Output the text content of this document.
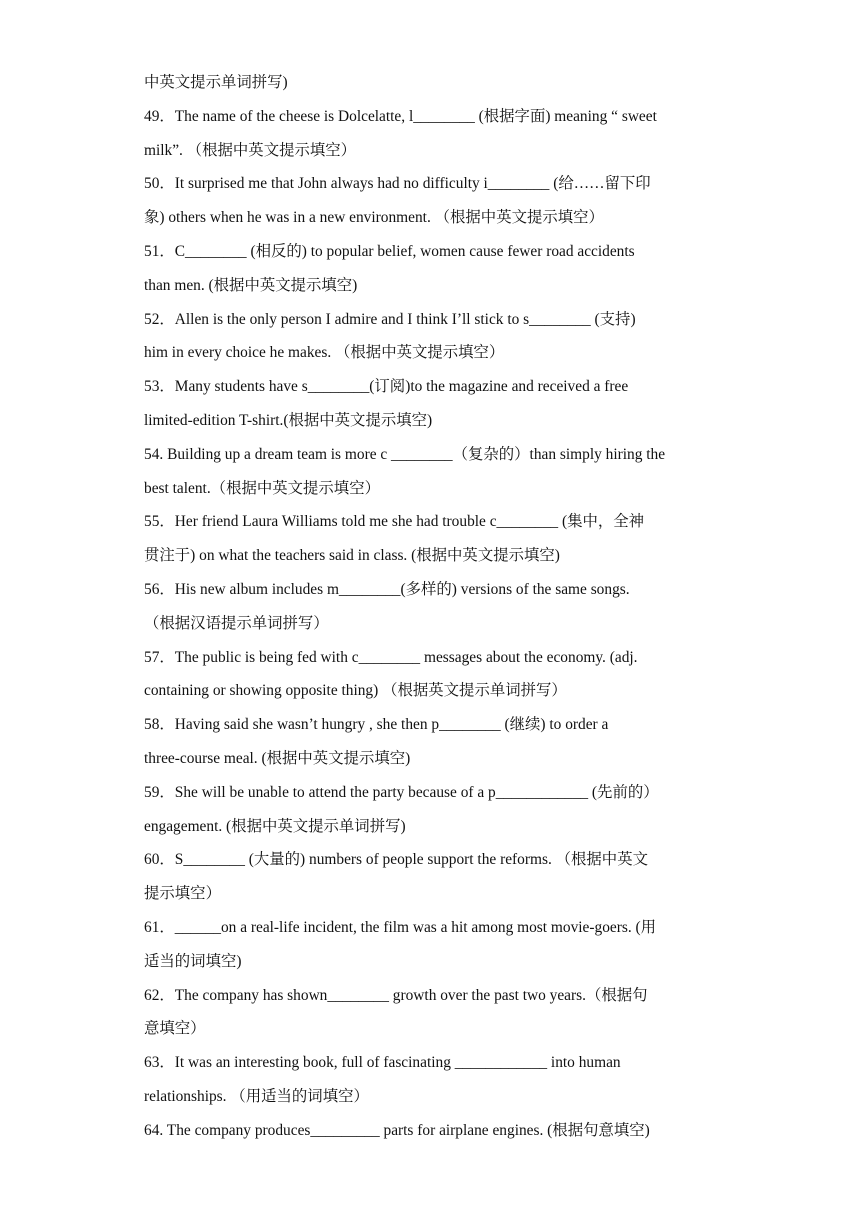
中英文提示单词拼写)
49．The name of the cheese is Dolcelatte, l________ (根据字面) meaning “ sweet
milk”. （根据中英文提示填空）
50．It surprised me that John always had no difficulty i________ (给……留下印
象) others when he was in a new environment. （根据中英文提示填空）
51．C________ (相反的) to popular belief, women cause fewer road accidents
than men. (根据中英文提示填空)
52．Allen is the only person I admire and I think I’ll stick to s________ (支持)
him in every choice he makes. （根据中英文提示填空）
53．Many students have s________(订阅)to the magazine and received a free
limited-edition T-shirt.(根据中英文提示填空)
54. Building up a dream team is more c ________（复杂的）than simply hiring the
best talent.（根据中英文提示填空）
55．Her friend Laura Williams told me she had trouble c________ (集中，全神
贯注于) on what the teachers said in class. (根据中英文提示填空)
56．His new album includes m________(多样的) versions of the same songs.
（根据汉语提示单词拼写）
57．The public is being fed with c________ messages about the economy. (adj.
containing or showing opposite thing) （根据英文提示单词拼写）
58．Having said she wasn’t hungry , she then p________ (继续) to order a
three-course meal. (根据中英文提示填空)
59．She will be unable to attend the party because of a p____________ (先前的）
engagement. (根据中英文提示单词拼写)
60．S________ (大量的) numbers of people support the reforms. （根据中英文
提示填空）
61．______on a real-life incident, the film was a hit among most movie-goers. (用
适当的词填空)
62．The company has shown________ growth over the past two years.（根据句
意填空）
63．It was an interesting book, full of fascinating ____________ into human
relationships. （用适当的词填空）
64. The company produces_________ parts for airplane engines. (根据句意填空)
